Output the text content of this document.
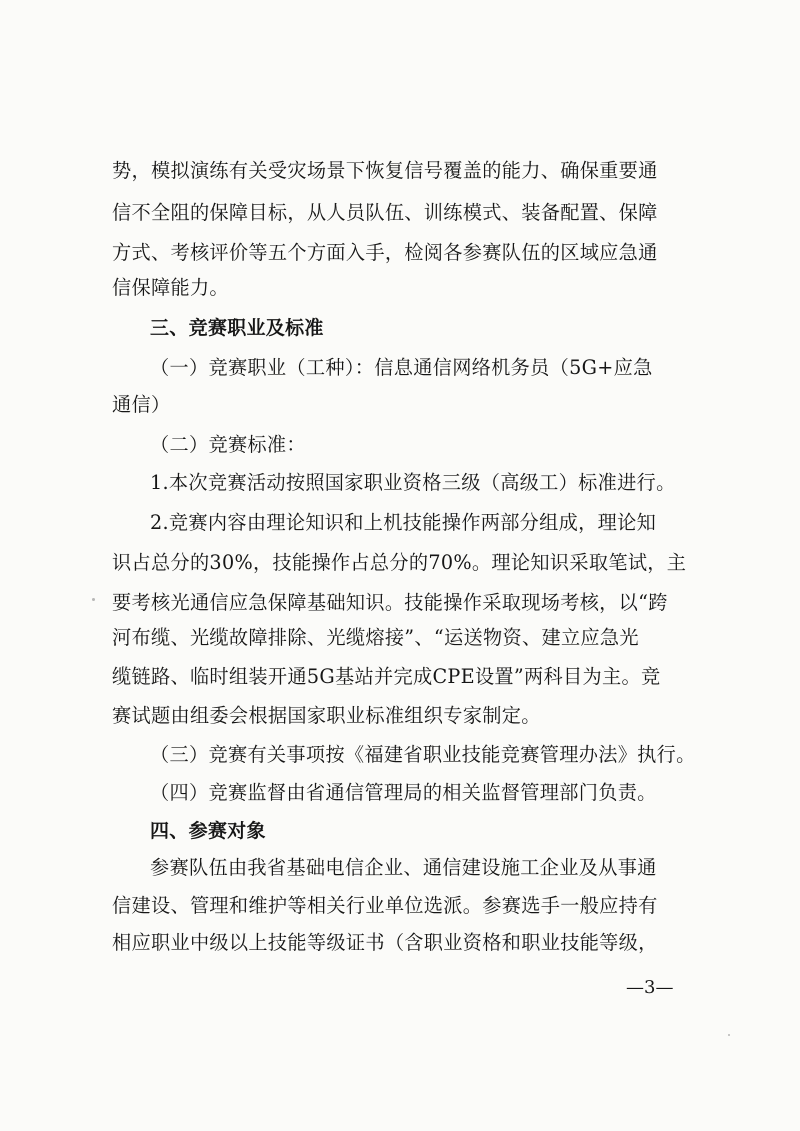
势，模拟演练有关受灾场景下恢复信号覆盖的能力、确保重要通
信不全阻的保障目标，从人员队伍、训练模式、装备配置、保障
方式、考核评价等五个方面入手，检阅各参赛队伍的区域应急通
信保障能力。
三、竞赛职业及标准
（一）竞赛职业（工种）：信息通信网络机务员（5G+应急
通信）
（二）竞赛标准：
1.本次竞赛活动按照国家职业资格三级（高级工）标准进行。
2.竞赛内容由理论知识和上机技能操作两部分组成，理论知
识占总分的30%，技能操作占总分的70%。理论知识采取笔试，主
要考核光通信应急保障基础知识。技能操作采取现场考核，以“跨
河布缆、光缆故障排除、光缆熔接”、“运送物资、建立应急光
缆链路、临时组装开通5G基站并完成CPE设置”两科目为主。竞
赛试题由组委会根据国家职业标准组织专家制定。
（三）竞赛有关事项按《福建省职业技能竞赛管理办法》执行。
（四）竞赛监督由省通信管理局的相关监督管理部门负责。
四、参赛对象
参赛队伍由我省基础电信企业、通信建设施工企业及从事通
信建设、管理和维护等相关行业单位选派。参赛选手一般应持有
相应职业中级以上技能等级证书（含职业资格和职业技能等级，
—3—
